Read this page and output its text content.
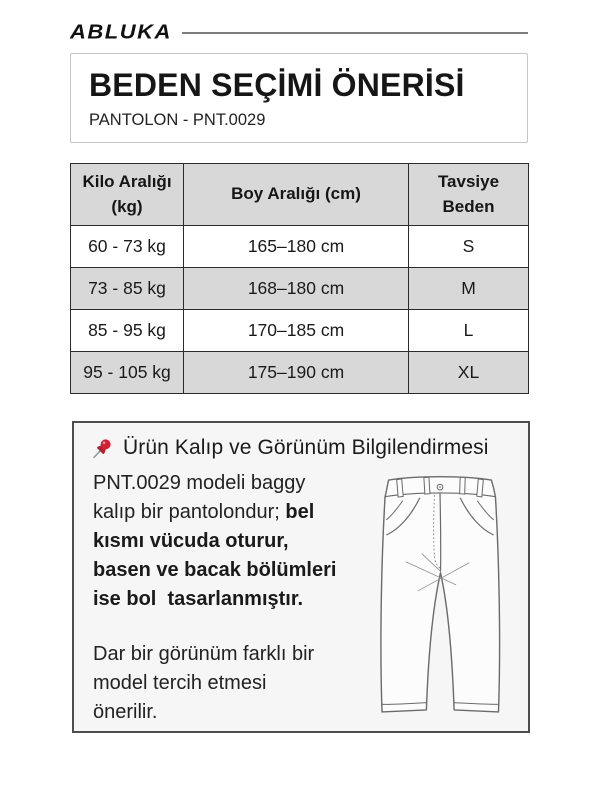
ABLUKA
BEDEN SEÇİMİ ÖNERİSİ
PANTOLON - PNT.0029
Kilo Aralığı (kg)	Boy Aralığı (cm)	Tavsiye Beden
60 - 73 kg	165–180 cm	S
73 - 85 kg	168–180 cm	M
85 - 95 kg	170–185 cm	L
95 - 105 kg	175–190 cm	XL
Ürün Kalıp ve Görünüm Bilgilendirmesi
PNT.0029 modeli baggy
kalıp bir pantolondur; bel
kısmı vücuda oturur,
basen ve bacak bölümleri
ise bol  tasarlanmıştır.
Dar bir görünüm farklı bir
model tercih etmesi
önerilir.
